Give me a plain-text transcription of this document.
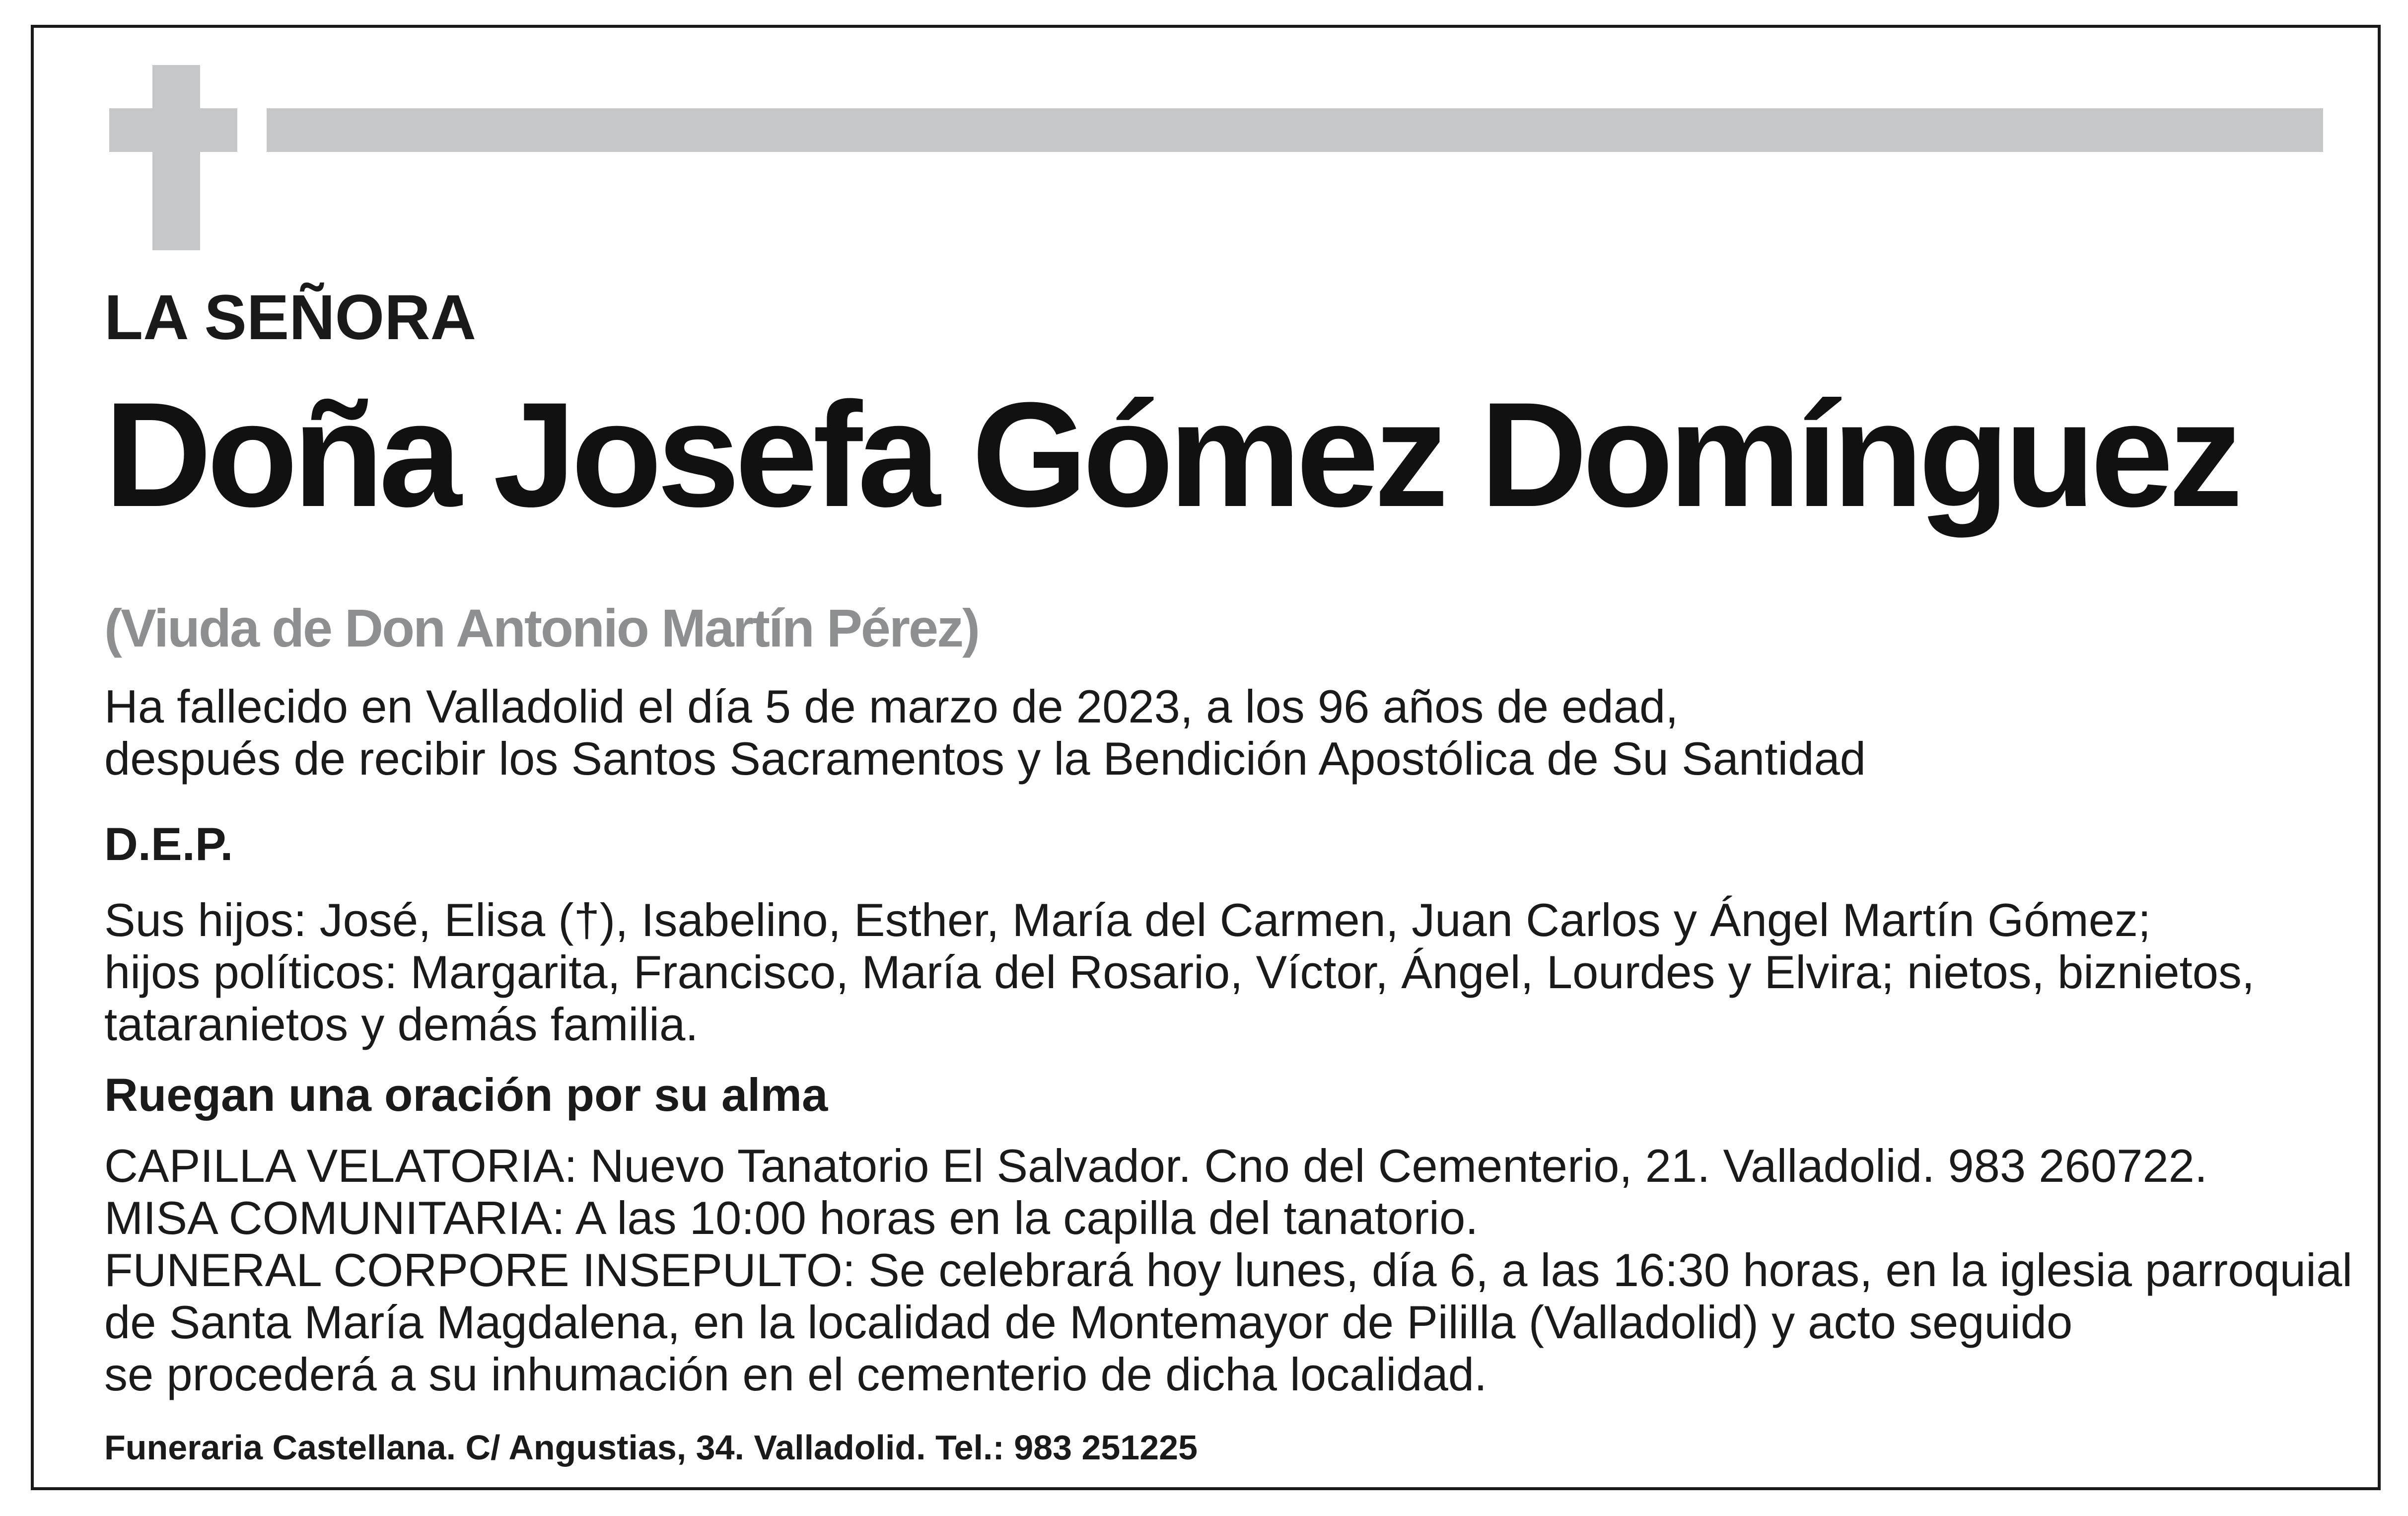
LA SEÑORA

Doña Josefa Gómez Domínguez

(Viuda de Don Antonio Martín Pérez)

Ha fallecido en Valladolid el día 5 de marzo de 2023, a los 96 años de edad,
después de recibir los Santos Sacramentos y la Bendición Apostólica de Su Santidad

D.E.P.

Sus hijos: José, Elisa (†), Isabelino, Esther, María del Carmen, Juan Carlos y Ángel Martín Gómez;
hijos políticos: Margarita, Francisco, María del Rosario, Víctor, Ángel, Lourdes y Elvira; nietos, biznietos,
tataranietos y demás familia.

Ruegan una oración por su alma

CAPILLA VELATORIA: Nuevo Tanatorio El Salvador. Cno del Cementerio, 21. Valladolid. 983 260722.
MISA COMUNITARIA: A las 10:00 horas en la capilla del tanatorio.
FUNERAL CORPORE INSEPULTO: Se celebrará hoy lunes, día 6, a las 16:30 horas, en la iglesia parroquial
de Santa María Magdalena, en la localidad de Montemayor de Pililla (Valladolid) y acto seguido
se procederá a su inhumación en el cementerio de dicha localidad.

Funeraria Castellana. C/ Angustias, 34. Valladolid. Tel.: 983 251225
